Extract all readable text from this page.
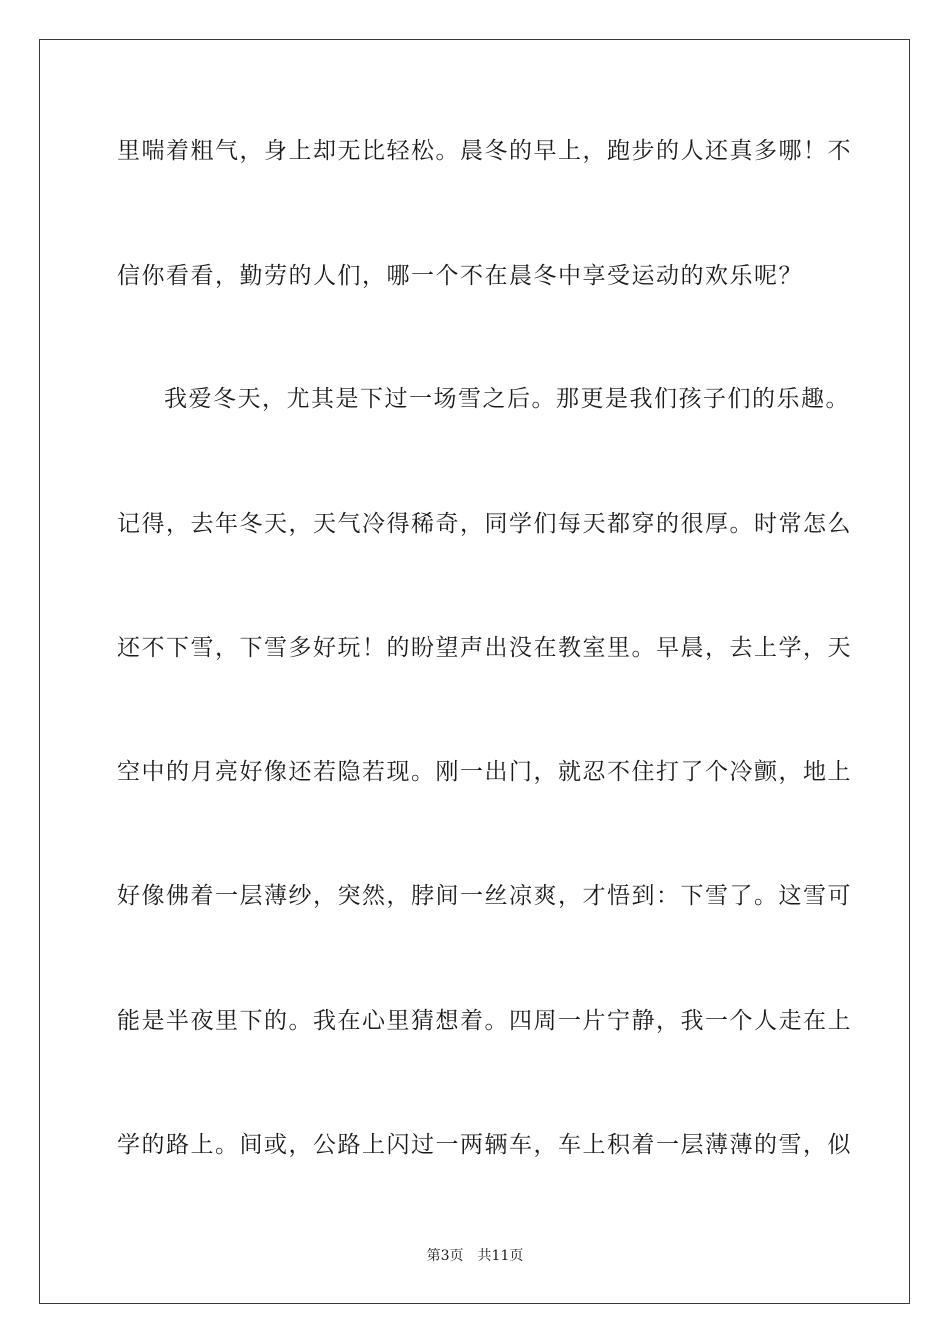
里喘着粗气，身上却无比轻松。晨冬的早上，跑步的人还真多哪！不
信你看看，勤劳的人们，哪一个不在晨冬中享受运动的欢乐呢？
我爱冬天，尤其是下过一场雪之后。那更是我们孩子们的乐趣。
记得，去年冬天，天气冷得稀奇，同学们每天都穿的很厚。时常怎么
还不下雪，下雪多好玩！的盼望声出没在教室里。早晨，去上学，天
空中的月亮好像还若隐若现。刚一出门，就忍不住打了个冷颤，地上
好像佛着一层薄纱，突然，脖间一丝凉爽，才悟到：下雪了。这雪可
能是半夜里下的。我在心里猜想着。四周一片宁静，我一个人走在上
学的路上。间或，公路上闪过一两辆车，车上积着一层薄薄的雪，似
第3页 共11页
